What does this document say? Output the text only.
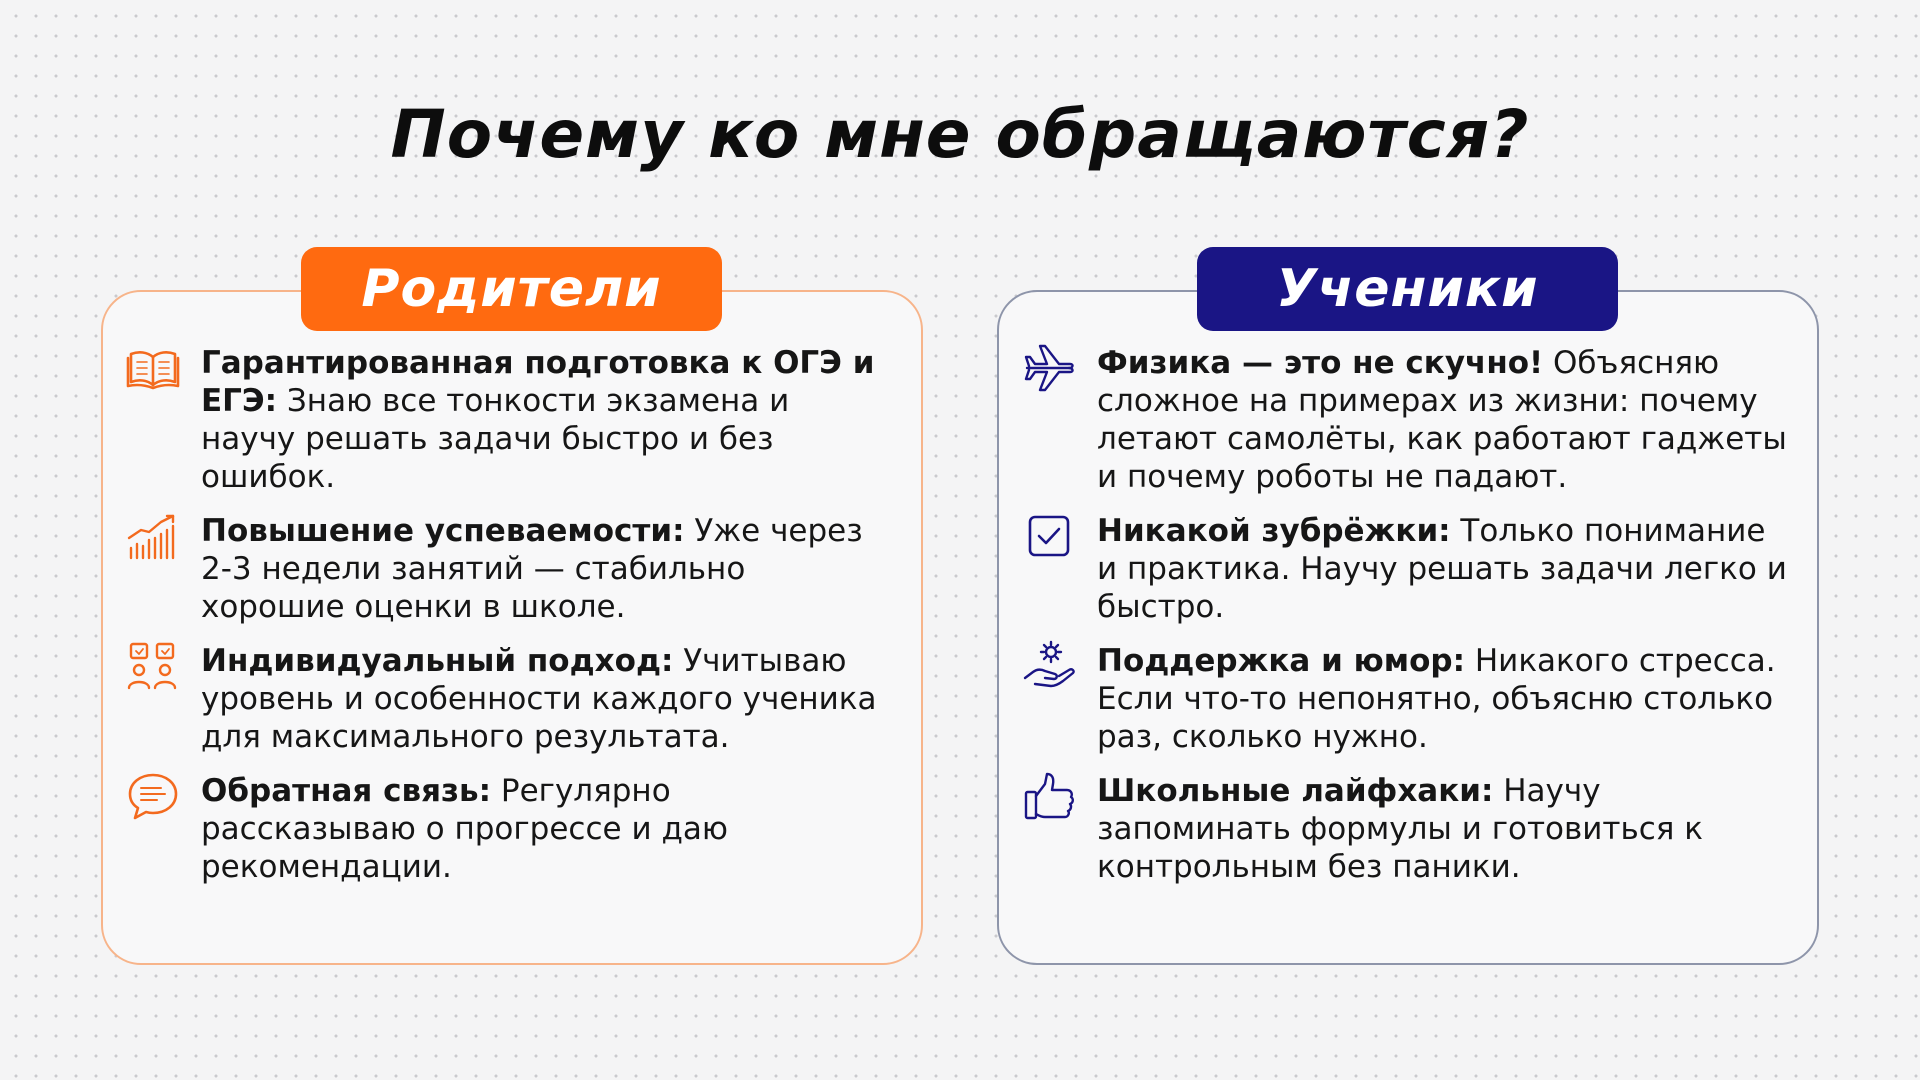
Почему ко мне обращаются?
Гарантированная подготовка к ОГЭ и ЕГЭ: Знаю все тонкости экзамена и научу решать задачи быстро и без ошибок.
Повышение успеваемости: Уже через 2-3 недели занятий — стабильно хорошие оценки в школе.
Индивидуальный подход: Учитываю уровень и особенности каждого ученика для максимального результата.
Обратная связь: Регулярно рассказываю о прогрессе и даю рекомендации.
Родители
Физика — это не скучно! Объясняю сложное на примерах из жизни: почему летают самолёты, как работают гаджеты и почему роботы не падают.
Никакой зубрёжки: Только понимание и практика. Научу решать задачи легко и быстро.
Поддержка и юмор: Никакого стресса. Если что-то непонятно, объясню столько раз, сколько нужно.
Школьные лайфхаки: Научу запоминать формулы и готовиться к контрольным без паники.
Ученики
